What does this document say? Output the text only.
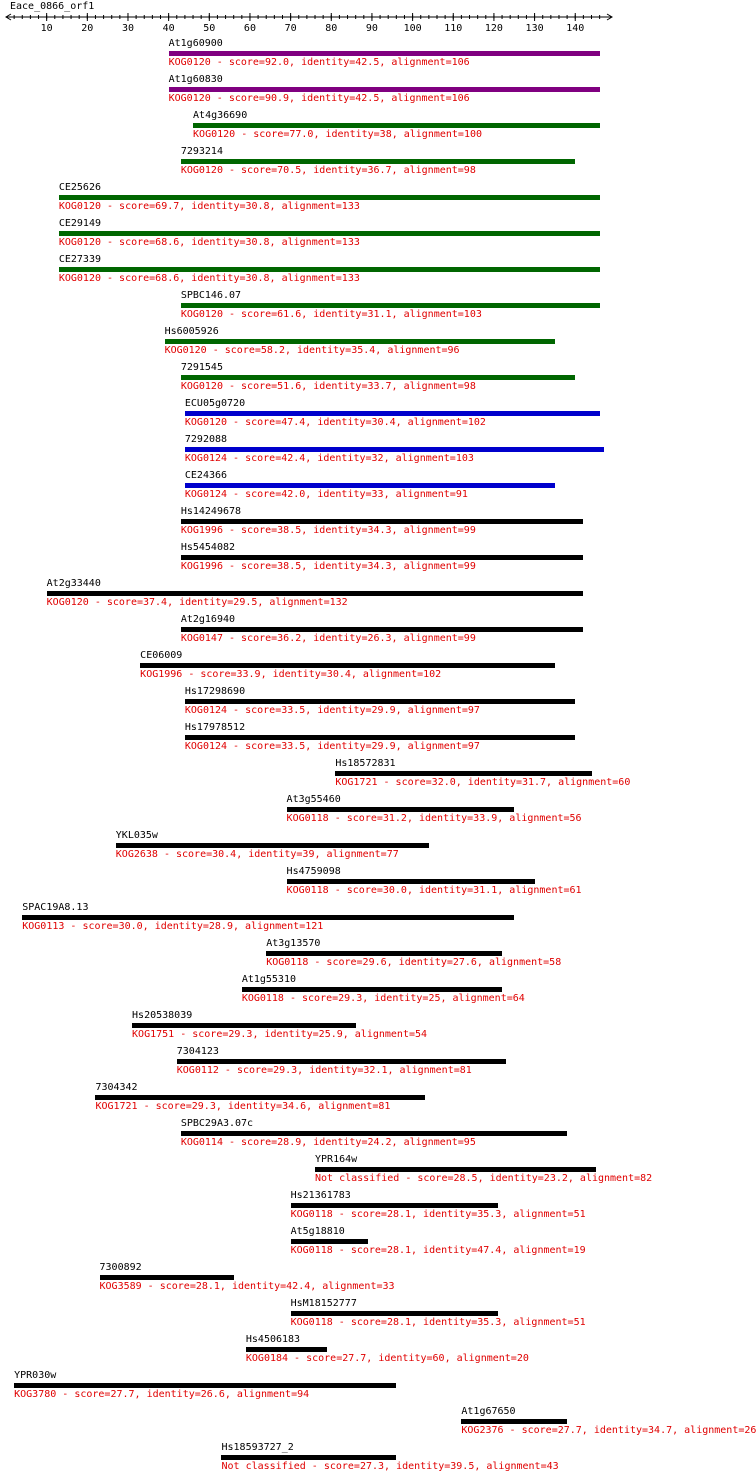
Eace_0866_orf1
10	20	30	40	50	60	70	80	90	100 110 120 130 140
At1g60900
KOG0120 - score=92.0, identity=42.5, alignment=106
At1g60830
KOG0120 - score=90.9, identity=42.5, alignment=106
At4g36690
KOG0120 - score=77.0, identity=38, alignment=100
7293214
KOG0120 - score=70.5, identity=36.7, alignment=98
CE25626
KOG0120 - score=69.7, identity=30.8, alignment=133
CE29149
KOG0120 - score=68.6, identity=30.8, alignment=133
CE27339
KOG0120 - score=68.6, identity=30.8, alignment=133
SPBC146.07
KOG0120 - score=61.6, identity=31.1, alignment=103
Hs6005926
KOG0120 - score=58.2, identity=35.4, alignment=96
7291545
KOG0120 - score=51.6, identity=33.7, alignment=98
ECU05g0720
KOG0120 - score=47.4, identity=30.4, alignment=102
7292088
KOG0124 - score=42.4, identity=32, alignment=103
CE24366
KOG0124 - score=42.0, identity=33, alignment=91
Hs14249678
KOG1996 - score=38.5, identity=34.3, alignment=99
Hs5454082
KOG1996 - score=38.5, identity=34.3, alignment=99
At2g33440
KOG0120 - score=37.4, identity=29.5, alignment=132
At2g16940
KOG0147 - score=36.2, identity=26.3, alignment=99
CE06009
KOG1996 - score=33.9, identity=30.4, alignment=102
Hs17298690
KOG0124 - score=33.5, identity=29.9, alignment=97
Hs17978512
KOG0124 - score=33.5, identity=29.9, alignment=97
Hs18572831
KOG1721 - score=32.0, identity=31.7, alignment=60
At3g55460
KOG0118 - score=31.2, identity=33.9, alignment=56
YKL035w
KOG2638 - score=30.4, identity=39, alignment=77
Hs4759098
KOG0118 - score=30.0, identity=31.1, alignment=61
SPAC19A8.13
KOG0113 - score=30.0, identity=28.9, alignment=121
At3g13570
KOG0118 - score=29.6, identity=27.6, alignment=58
At1g55310
KOG0118 - score=29.3, identity=25, alignment=64
Hs20538039
KOG1751 - score=29.3, identity=25.9, alignment=54
7304123
KOG0112 - score=29.3, identity=32.1, alignment=81
7304342
KOG1721 - score=29.3, identity=34.6, alignment=81
SPBC29A3.07c
KOG0114 - score=28.9, identity=24.2, alignment=95
YPR164w
Not classified - score=28.5, identity=23.2, alignment=82
Hs21361783
KOG0118 - score=28.1, identity=35.3, alignment=51
At5g18810
KOG0118 - score=28.1, identity=47.4, alignment=19
7300892
KOG3589 - score=28.1, identity=42.4, alignment=33
HsM18152777
KOG0118 - score=28.1, identity=35.3, alignment=51
Hs4506183
KOG0184 - score=27.7, identity=60, alignment=20
YPR030w
KOG3780 - score=27.7, identity=26.6, alignment=94
At1g67650
KOG2376 - score=27.7, identity=34.7, alignment=26
Hs18593727_2
Not classified - score=27.3, identity=39.5, alignment=43
